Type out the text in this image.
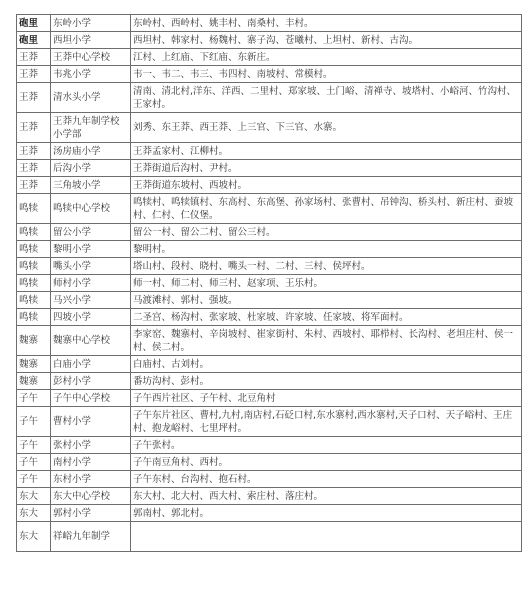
砲里	东岭小学	东岭村、西岭村、姚丰村、南桑村、丰村。
砲里	西坦小学	西坦村、韩家村、杨魏村、寨子沟、苍曦村、上坦村、新村、古沟。
王莽	王莽中心学校	江村、上红庙、下红庙、东新庄。
王莽	韦兆小学	韦一、韦二、韦三、韦四村、南坡村、常模村。
王莽	清水头小学	清南、清北村,洋东、洋西、二里村、郑家坡、土门峪、清禅寺、坡塔村、小峪河、竹沟村、王家村。
王莽	王莽九年制学校小学部	刘秀、东王莽、西王莽、上三官、下三官、水寨。
王莽	汤房庙小学	王莽孟家村、江柳村。
王莽	后沟小学	王莽街道后沟村、尹村。
王莽	三角坡小学	王莽街道东坡村、西坡村。
鸣犊	鸣犊中心学校	鸣犊村、鸣犊镇村、东高村、东高堡、孙家场村、张曹村、吊钟沟、桥头村、新庄村、蚕坡村、仁村、仁仪堡。
鸣犊	留公小学	留公一村、留公二村、留公三村。
鸣犊	黎明小学	黎明村。
鸣犊	嘴头小学	塔山村、段村、晓村、嘴头一村、二村、三村、侯坪村。
鸣犊	师村小学	师一村、师二村、师三村、赵家项、王乐村。
鸣犊	马兴小学	马渡滩村、郭村、强坡。
鸣犊	四坡小学	二圣宫、杨沟村、张家坡、杜家坡、许家坡、任家坡、将军面村。
魏寨	魏寨中心学校	李家窑、魏寨村、辛岗坡村、崔家街村、朱村、西坡村、耶栉村、长沟村、老坦庄村、侯一村、侯二村。
魏寨	白庙小学	白庙村、古刘村。
魏寨	彭村小学	番坊沟村、彭村。
子午	子午中心学校	子午西片社区、子午村、北豆角村
子午	曹村小学	子午东片社区、曹村,九村,南店村,石砭口村,东水寨村,西水寨村,天子口村、天子峪村、王庄村、抱龙峪村、七里坪村。
子午	张村小学	子午张村。
子午	南村小学	子午南豆角村、西村。
子午	东村小学	子午东村、台沟村、抱石村。
东大	东大中心学校	东大村、北大村、西大村、索庄村、落庄村。
东大	郭村小学	郭南村、郭北村。
东大	祥峪九年制学	
